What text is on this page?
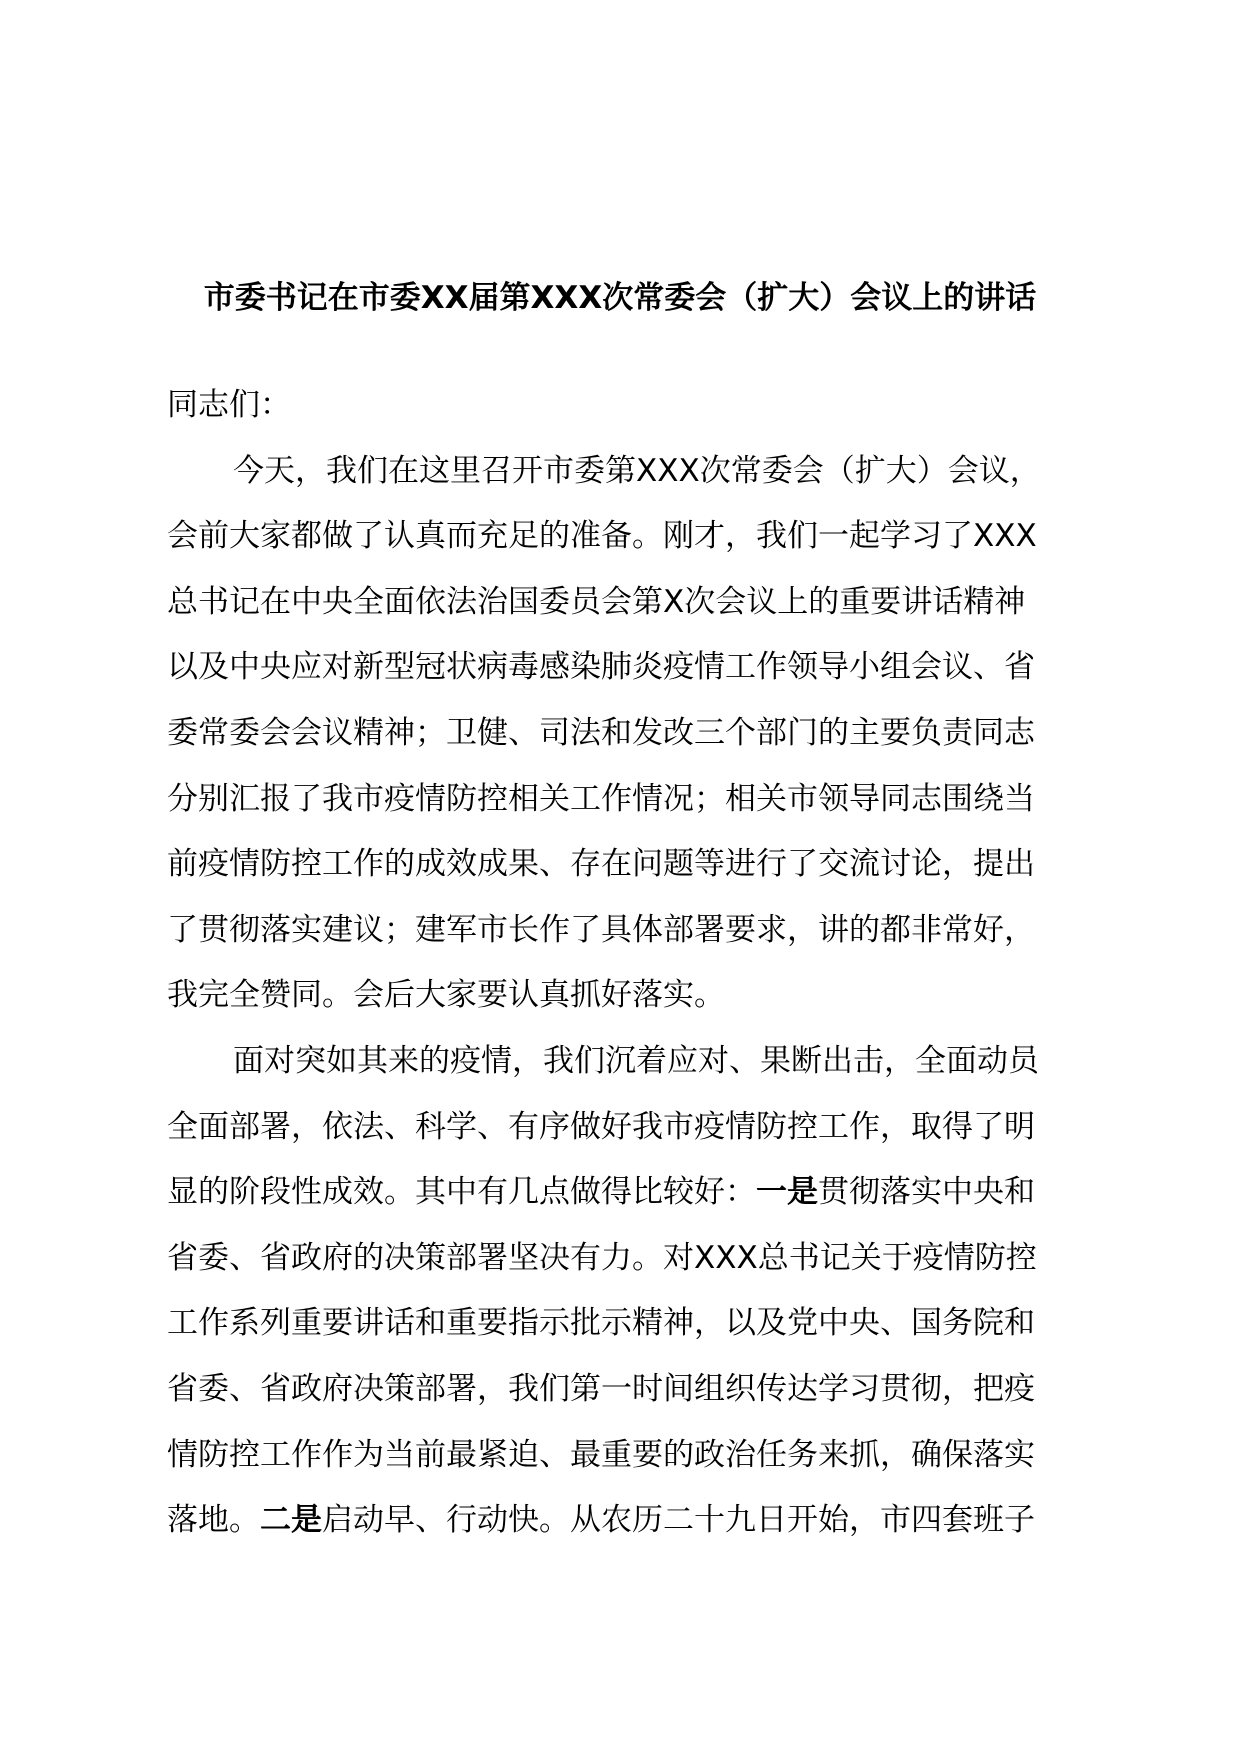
市委书记在市委XX届第XXX次常委会（扩大）会议上的讲话
同志们：
今天，我们在这里召开市委第XXX次常委会（扩大）会议，
会前大家都做了认真而充足的准备。刚才，我们一起学习了XXX
总书记在中央全面依法治国委员会第X次会议上的重要讲话精神
以及中央应对新型冠状病毒感染肺炎疫情工作领导小组会议、省
委常委会会议精神；卫健、司法和发改三个部门的主要负责同志
分别汇报了我市疫情防控相关工作情况；相关市领导同志围绕当
前疫情防控工作的成效成果、存在问题等进行了交流讨论，提出
了贯彻落实建议；建军市长作了具体部署要求，讲的都非常好，
我完全赞同。会后大家要认真抓好落实。
面对突如其来的疫情，我们沉着应对、果断出击，全面动员
全面部署，依法、科学、有序做好我市疫情防控工作，取得了明
显的阶段性成效。其中有几点做得比较好：一是贯彻落实中央和
省委、省政府的决策部署坚决有力。对XXX总书记关于疫情防控
工作系列重要讲话和重要指示批示精神，以及党中央、国务院和
省委、省政府决策部署，我们第一时间组织传达学习贯彻，把疫
情防控工作作为当前最紧迫、最重要的政治任务来抓，确保落实
落地。二是启动早、行动快。从农历二十九日开始，市四套班子
